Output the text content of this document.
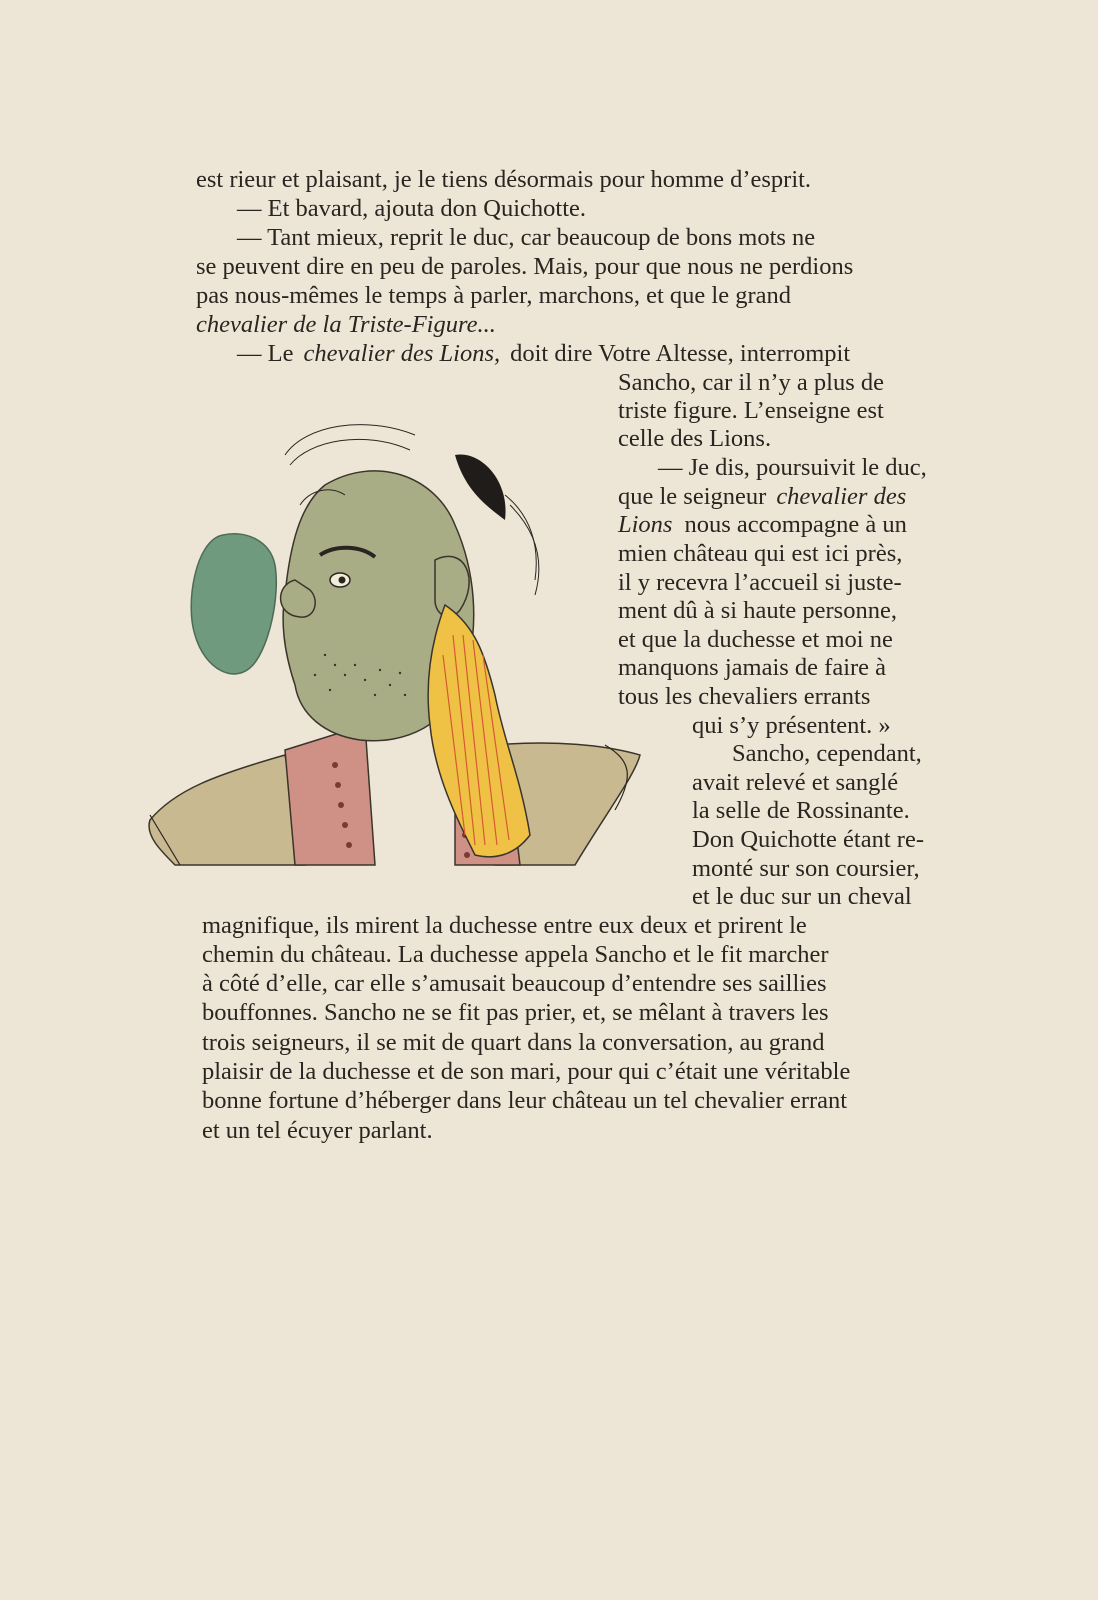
est rieur et plaisant, je le tiens désormais pour homme d’esprit.
— Et bavard, ajouta don Quichotte.
— Tant mieux, reprit le duc, car beaucoup de bons mots ne
se peuvent dire en peu de paroles. Mais, pour que nous ne perdions
pas nous-mêmes le temps à parler, marchons, et que le grand
chevalier de la Triste-Figure...
— Le chevalier des Lions, doit dire Votre Altesse, interrompit
Sancho, car il n’y a plus de
triste figure. L’enseigne est
celle des Lions.
— Je dis, poursuivit le duc,
que le seigneur chevalier des
Lions nous accompagne à un
mien château qui est ici près,
il y recevra l’accueil si juste-
ment dû à si haute personne,
et que la duchesse et moi ne
manquons jamais de faire à
tous les chevaliers errants
qui s’y présentent. »
Sancho, cependant,
avait relevé et sanglé
la selle de Rossinante.
Don Quichotte étant re-
monté sur son coursier,
et le duc sur un cheval
magnifique, ils mirent la duchesse entre eux deux et prirent le
chemin du château. La duchesse appela Sancho et le fit marcher
à côté d’elle, car elle s’amusait beaucoup d’entendre ses saillies
bouffonnes. Sancho ne se fit pas prier, et, se mêlant à travers les
trois seigneurs, il se mit de quart dans la conversation, au grand
plaisir de la duchesse et de son mari, pour qui c’était une véritable
bonne fortune d’héberger dans leur château un tel chevalier errant
et un tel écuyer parlant.
